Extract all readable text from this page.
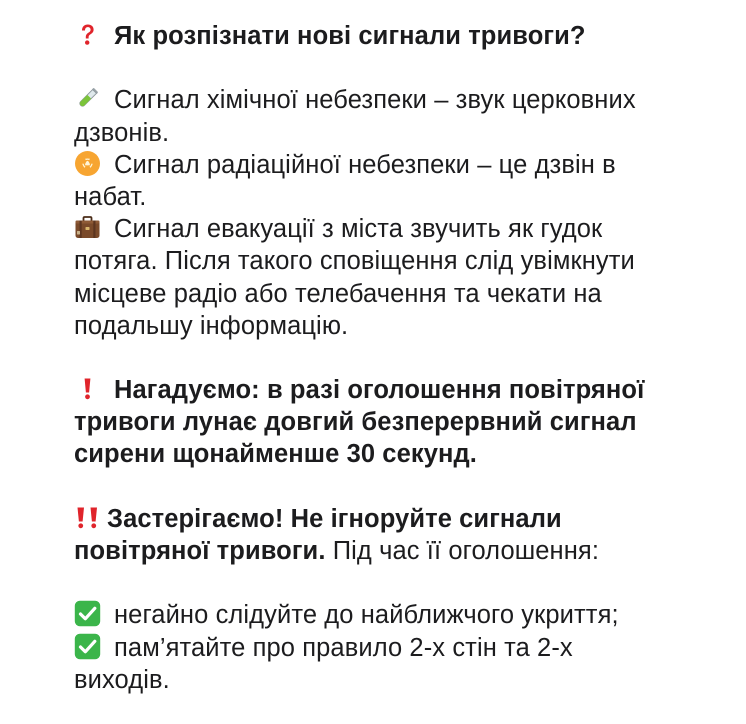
Як розпізнати нові сигнали тривоги?
Сигнал хімічної небезпеки – звук церковних
дзвонів.
Сигнал радіаційної небезпеки – це дзвін в
набат.
Сигнал евакуації з міста звучить як гудок
потяга. Після такого сповіщення слід увімкнути
місцеве радіо або телебачення та чекати на
подальшу інформацію.
Нагадуємо: в разі оголошення повітряної
тривоги лунає довгий безперервний сигнал
сирени щонайменше 30 секунд.
Застерігаємо! Не ігноруйте сигнали
повітряної тривоги. Під час її оголошення:
негайно слідуйте до найближчого укриття;
пам’ятайте про правило 2-х стін та 2-х
виходів.
